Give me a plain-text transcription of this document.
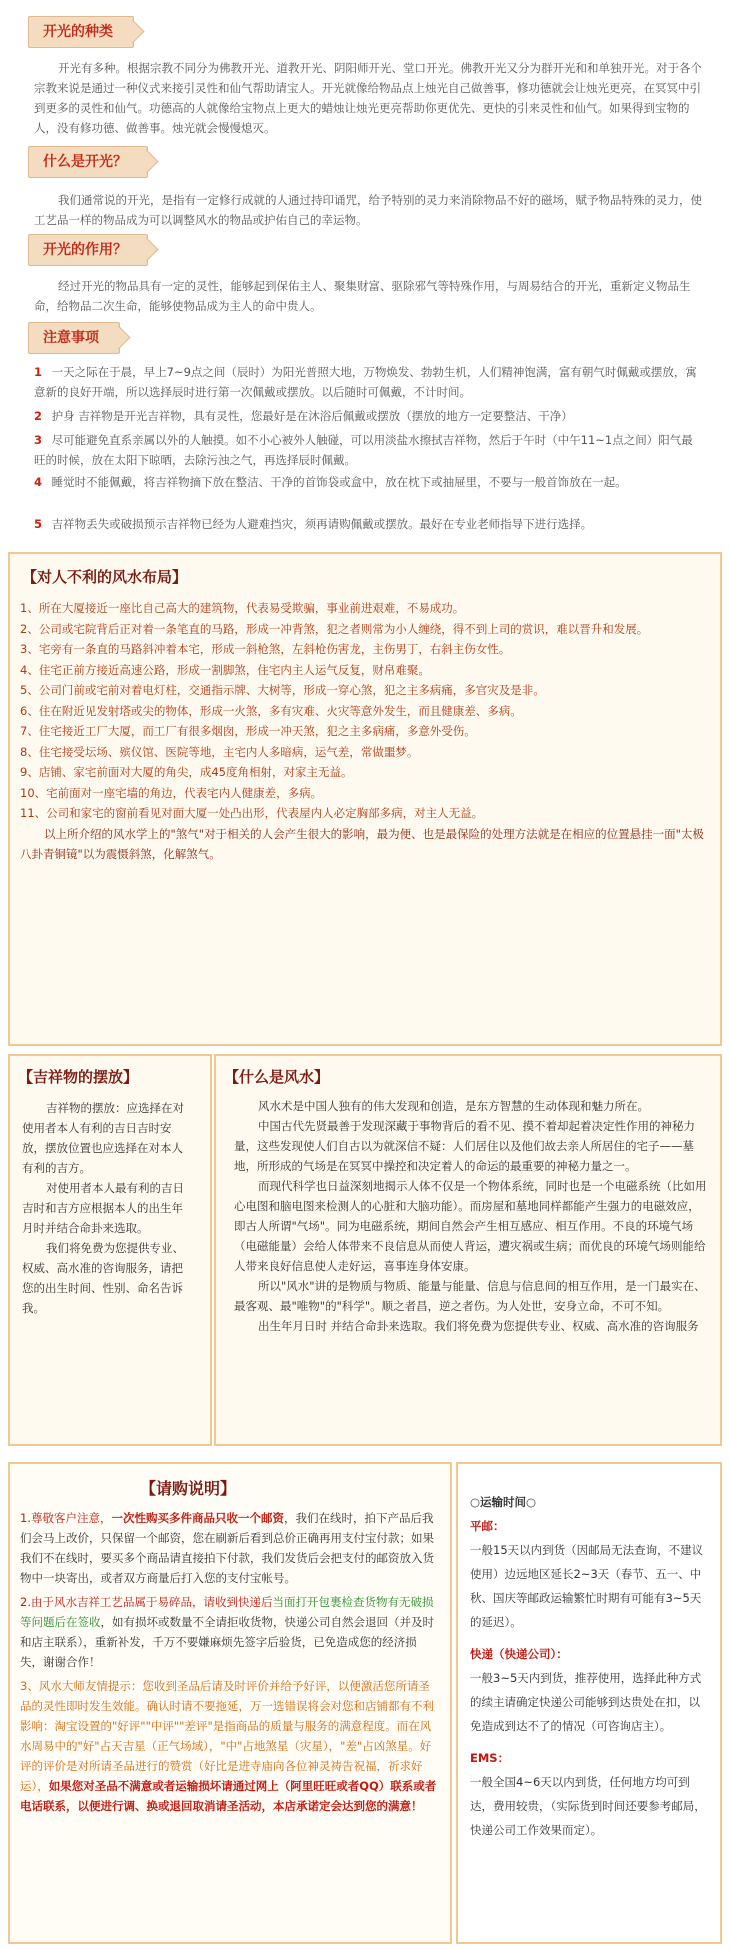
开光的种类
开光有多种。根据宗教不同分为佛教开光、道教开光、阴阳师开光、堂口开光。佛教开光又分为群开光和和单独开光。对于各个宗教来说是通过一种仪式来接引灵性和仙气帮助请宝人。开光就像给物品点上烛光自己做善事，修功德就会让烛光更亮，在冥冥中引到更多的灵性和仙气。功德高的人就像给宝物点上更大的蜡烛让烛光更亮帮助你更优先、更快的引来灵性和仙气。如果得到宝物的人，没有修功德、做善事。烛光就会慢慢熄灭。
什么是开光？
我们通常说的开光，是指有一定修行成就的人通过持印诵咒，给予特别的灵力来消除物品不好的磁场，赋予物品特殊的灵力，使工艺品一样的物品成为可以调整风水的物品或护佑自己的幸运物。
开光的作用？
经过开光的物品具有一定的灵性，能够起到保佑主人、聚集财富、驱除邪气等特殊作用，与周易结合的开光，重新定义物品生命，给物品二次生命，能够使物品成为主人的命中贵人。
注意事项
1 一天之际在于晨，早上7~9点之间（辰时）为阳光普照大地，万物焕发、勃勃生机，人们精神饱满，富有朝气时佩戴或摆放，寓意新的良好开端，所以选择辰时进行第一次佩戴或摆放。以后随时可佩戴，不计时间。
2 护身 吉祥物是开光吉祥物，具有灵性，您最好是在沐浴后佩戴或摆放（摆放的地方一定要整洁、干净）
3 尽可能避免直系亲属以外的人触摸。如不小心被外人触碰，可以用淡盐水擦拭吉祥物，然后于午时（中午11~1点之间）阳气最旺的时候，放在太阳下晾晒，去除污浊之气，再选择辰时佩戴。
4 睡觉时不能佩戴，将吉祥物摘下放在整洁、干净的首饰袋或盒中，放在枕下或抽屉里，不要与一般首饰放在一起。
5 吉祥物丢失或破损预示吉祥物已经为人避难挡灾，须再请购佩戴或摆放。最好在专业老师指导下进行选择。
【对人不利的风水布局】
1、所在大厦接近一座比自己高大的建筑物，代表易受欺骗，事业前进艰难，不易成功。
2、公司或宅院背后正对着一条笔直的马路，形成一冲背煞，犯之者则常为小人缠绕，得不到上司的赏识，难以晋升和发展。
3、宅旁有一条直的马路斜冲着本宅，形成一斜枪煞，左斜枪伤害龙，主伤男丁，右斜主伤女性。
4、住宅正前方接近高速公路，形成一割脚煞，住宅内主人运气反复，财帛难聚。
5、公司门前或宅前对着电灯柱，交通指示牌、大树等，形成一穿心煞，犯之主多病痛，多官灾及是非。
6、住在附近见发射塔或尖的物体，形成一火煞，多有灾难、火灾等意外发生，而且健康差、多病。
7、住宅接近工厂大厦，而工厂有很多烟囱，形成一冲天煞，犯之主多病痛，多意外受伤。
8、住宅接受坛场、殡仪馆、医院等地，主宅内人多暗病，运气差，常做噩梦。
9、店铺、家宅前面对大厦的角尖，成45度角相射，对家主无益。
10、宅前面对一座宅墙的角边，代表宅内人健康差，多病。
11、公司和家宅的窗前看见对面大厦一处凸出形，代表屋内人必定胸部多病，对主人无益。
以上所介绍的风水学上的"煞气"对于相关的人会产生很大的影响，最为便、也是最保险的处理方法就是在相应的位置悬挂一面"太极八卦青铜镜"以为震慑斜煞，化解煞气。
【吉祥物的摆放】

吉祥物的摆放：应选择在对使用者本人有利的吉日吉时安放，摆放位置也应选择在对本人有利的吉方。

对使用者本人最有利的吉日吉时和吉方应根据本人的出生年月时并结合命卦来选取。

我们将免费为您提供专业、权威、高水准的咨询服务，请把您的出生时间、性别、命名告诉我。

【什么是风水】

风水术是中国人独有的伟大发现和创造，是东方智慧的生动体现和魅力所在。

中国古代先贤最善于发现深藏于事物背后的看不见、摸不着却起着决定性作用的神秘力量，这些发现使人们自古以为就深信不疑：人们居住以及他们故去亲人所居住的宅子——墓地，所形成的气场是在冥冥中操控和决定着人的命运的最重要的神秘力量之一。

而现代科学也日益深刻地揭示人体不仅是一个物体系统，同时也是一个电磁系统（比如用心电图和脑电图来检测人的心脏和大脑功能）。而房屋和墓地同样都能产生强力的电磁效应，即古人所谓"气场"。同为电磁系统，期间自然会产生相互感应、相互作用。不良的环境气场（电磁能量）会给人体带来不良信息从而使人背运，遭灾祸或生病；而优良的环境气场则能给人带来良好信息使人走好运，喜事连身体安康。

所以"风水"讲的是物质与物质、能量与能量、信息与信息间的相互作用，是一门最实在、最客观、最"唯物"的"科学"。顺之者昌，逆之者伤。为人处世，安身立命，不可不知。

出生年月日时 并结合命卦来选取。我们将免费为您提供专业、权威、高水准的咨询服务

【请购说明】
1.尊敬客户注意，一次性购买多件商品只收一个邮资，我们在线时，拍下产品后我们会马上改价，只保留一个邮资，您在刷新后看到总价正确再用支付宝付款；如果我们不在线时，要买多个商品请直接拍下付款，我们发货后会把支付的邮资放入货物中一块寄出，或者双方商量后打入您的支付宝帐号。
2.由于风水吉祥工艺品属于易碎品，请收到快递后当面打开包裹检查货物有无破损等问题后在签收，如有损坏或数量不全请拒收货物，快递公司自然会退回（并及时和店主联系），重新补发，千万不要嫌麻烦先签字后验货，已免造成您的经济损失，谢谢合作！
3、风水大师友情提示：您收到圣品后请及时评价并给予好评，以便激活您所请圣品的灵性即时发生效能。确认时请不要拖延，万一选错误将会对您和店铺都有不利影响：淘宝设置的"好评""中评""差评"是指商品的质量与服务的满意程度。而在风水周易中的"好"占天吉星（正气场域），"中"占地煞星（灾星），"差"占凶煞星。好评的评价是对所请圣品进行的赞赏（好比是进寺庙向各位神灵祷告祝福，祈求好运），如果您对圣品不满意或者运输损坏请通过网上（阿里旺旺或者QQ）联系或者电话联系，以便进行调、换或退回取消请圣活动，本店承诺定会达到您的满意！
○运输时间○
平邮：
一般15天以内到货（因邮局无法查询，不建议使用）边远地区延长2~3天（春节、五一、中秋、国庆等邮政运输繁忙时期有可能有3~5天的延迟）。
快递（快递公司）：
一般3~5天内到货，推荐使用，选择此种方式的续主请确定快递公司能够到达贵处在扣，以免造成到达不了的情况（可咨询店主）。
EMS：
一般全国4~6天以内到货，任何地方均可到达，费用较贵，（实际货到时间还要参考邮局，快递公司工作效果而定）。
